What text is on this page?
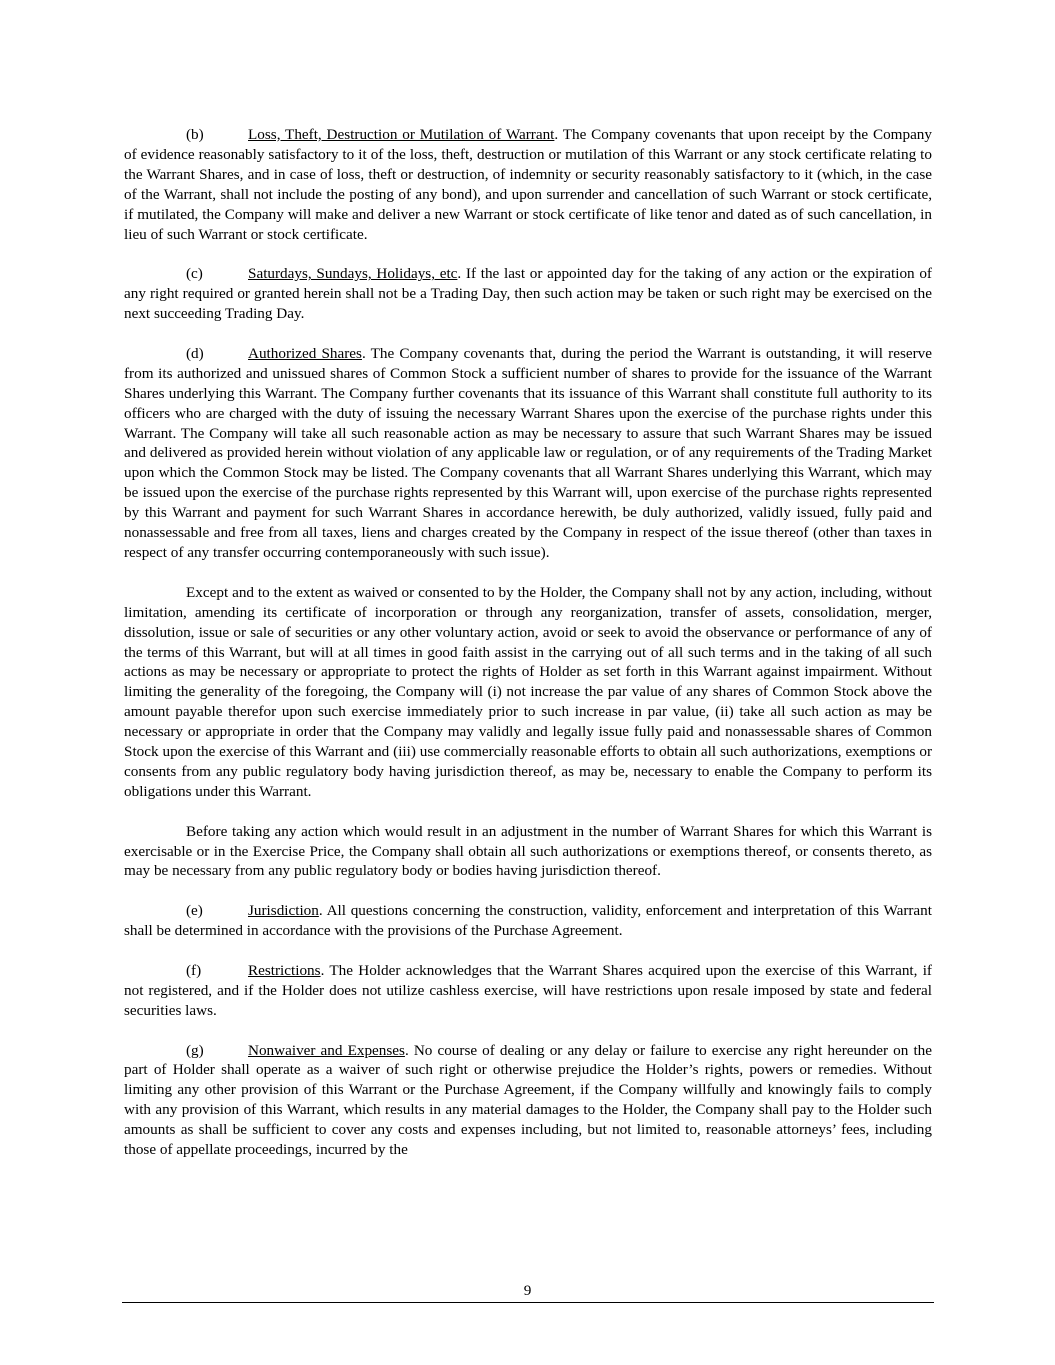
(b)	Loss, Theft, Destruction or Mutilation of Warrant. The Company covenants that upon receipt by the Company of evidence reasonably satisfactory to it of the loss, theft, destruction or mutilation of this Warrant or any stock certificate relating to the Warrant Shares, and in case of loss, theft or destruction, of indemnity or security reasonably satisfactory to it (which, in the case of the Warrant, shall not include the posting of any bond), and upon surrender and cancellation of such Warrant or stock certificate, if mutilated, the Company will make and deliver a new Warrant or stock certificate of like tenor and dated as of such cancellation, in lieu of such Warrant or stock certificate.

(c)	Saturdays, Sundays, Holidays, etc. If the last or appointed day for the taking of any action or the expiration of any right required or granted herein shall not be a Trading Day, then such action may be taken or such right may be exercised on the next succeeding Trading Day.

(d)	Authorized Shares. The Company covenants that, during the period the Warrant is outstanding, it will reserve from its authorized and unissued shares of Common Stock a sufficient number of shares to provide for the issuance of the Warrant Shares underlying this Warrant. The Company further covenants that its issuance of this Warrant shall constitute full authority to its officers who are charged with the duty of issuing the necessary Warrant Shares upon the exercise of the purchase rights under this Warrant. The Company will take all such reasonable action as may be necessary to assure that such Warrant Shares may be issued and delivered as provided herein without violation of any applicable law or regulation, or of any requirements of the Trading Market upon which the Common Stock may be listed. The Company covenants that all Warrant Shares underlying this Warrant, which may be issued upon the exercise of the purchase rights represented by this Warrant will, upon exercise of the purchase rights represented by this Warrant and payment for such Warrant Shares in accordance herewith, be duly authorized, validly issued, fully paid and nonassessable and free from all taxes, liens and charges created by the Company in respect of the issue thereof (other than taxes in respect of any transfer occurring contemporaneously with such issue).

Except and to the extent as waived or consented to by the Holder, the Company shall not by any action, including, without limitation, amending its certificate of incorporation or through any reorganization, transfer of assets, consolidation, merger, dissolution, issue or sale of securities or any other voluntary action, avoid or seek to avoid the observance or performance of any of the terms of this Warrant, but will at all times in good faith assist in the carrying out of all such terms and in the taking of all such actions as may be necessary or appropriate to protect the rights of Holder as set forth in this Warrant against impairment. Without limiting the generality of the foregoing, the Company will (i) not increase the par value of any shares of Common Stock above the amount payable therefor upon such exercise immediately prior to such increase in par value, (ii) take all such action as may be necessary or appropriate in order that the Company may validly and legally issue fully paid and nonassessable shares of Common Stock upon the exercise of this Warrant and (iii) use commercially reasonable efforts to obtain all such authorizations, exemptions or consents from any public regulatory body having jurisdiction thereof, as may be, necessary to enable the Company to perform its obligations under this Warrant.

Before taking any action which would result in an adjustment in the number of Warrant Shares for which this Warrant is exercisable or in the Exercise Price, the Company shall obtain all such authorizations or exemptions thereof, or consents thereto, as may be necessary from any public regulatory body or bodies having jurisdiction thereof.

(e)	Jurisdiction. All questions concerning the construction, validity, enforcement and interpretation of this Warrant shall be determined in accordance with the provisions of the Purchase Agreement.

(f)	Restrictions. The Holder acknowledges that the Warrant Shares acquired upon the exercise of this Warrant, if not registered, and if the Holder does not utilize cashless exercise, will have restrictions upon resale imposed by state and federal securities laws.

(g)	Nonwaiver and Expenses. No course of dealing or any delay or failure to exercise any right hereunder on the part of Holder shall operate as a waiver of such right or otherwise prejudice the Holder’s rights, powers or remedies. Without limiting any other provision of this Warrant or the Purchase Agreement, if the Company willfully and knowingly fails to comply with any provision of this Warrant, which results in any material damages to the Holder, the Company shall pay to the Holder such amounts as shall be sufficient to cover any costs and expenses including, but not limited to, reasonable attorneys’ fees, including those of appellate proceedings, incurred by the

9
